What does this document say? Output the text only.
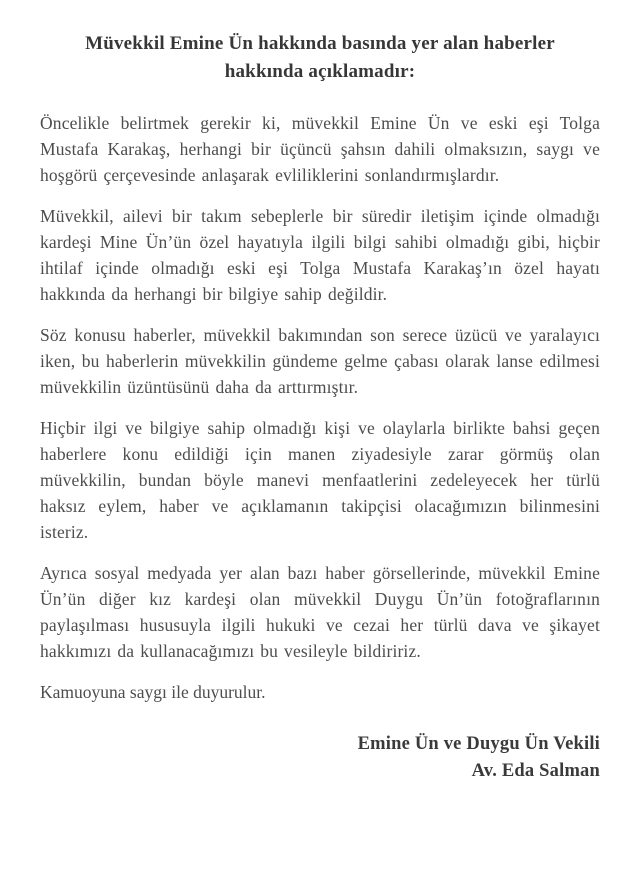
Müvekkil Emine Ün hakkında basında yer alan haberler hakkında açıklamadır:

Öncelikle belirtmek gerekir ki, müvekkil Emine Ün ve eski eşi Tolga Mustafa Karakaş, herhangi bir üçüncü şahsın dahili olmaksızın, saygı ve hoşgörü çerçevesinde anlaşarak evliliklerini sonlandırmışlardır.

Müvekkil, ailevi bir takım sebeplerle bir süredir iletişim içinde olmadığı kardeşi Mine Ün’ün özel hayatıyla ilgili bilgi sahibi olmadığı gibi, hiçbir ihtilaf içinde olmadığı eski eşi Tolga Mustafa Karakaş’ın özel hayatı hakkında da herhangi bir bilgiye sahip değildir.

Söz konusu haberler, müvekkil bakımından son serece üzücü ve yaralayıcı iken, bu haberlerin müvekkilin gündeme gelme çabası olarak lanse edilmesi müvekkilin üzüntüsünü daha da arttırmıştır.

Hiçbir ilgi ve bilgiye sahip olmadığı kişi ve olaylarla birlikte bahsi geçen haberlere konu edildiği için manen ziyadesiyle zarar görmüş olan müvekkilin, bundan böyle manevi menfaatlerini zedeleyecek her türlü haksız eylem, haber ve açıklamanın takipçisi olacağımızın bilinmesini isteriz.

Ayrıca sosyal medyada yer alan bazı haber görsellerinde, müvekkil Emine Ün’ün diğer kız kardeşi olan müvekkil Duygu Ün’ün fotoğraflarının paylaşılması hususuyla ilgili hukuki ve cezai her türlü dava ve şikayet hakkımızı da kullanacağımızı bu vesileyle bildiririz.

Kamuoyuna saygı ile duyurulur.

Emine Ün ve Duygu Ün Vekili
Av. Eda Salman
